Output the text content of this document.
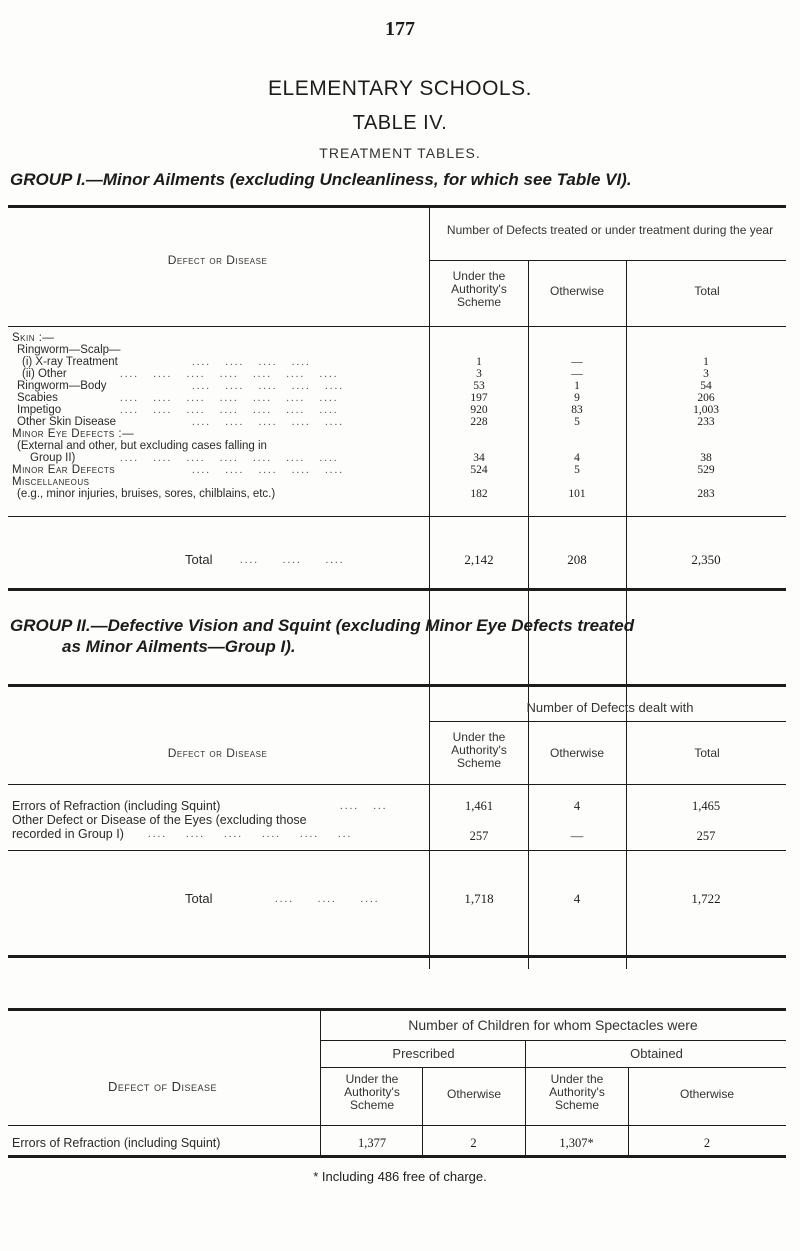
177
ELEMENTARY SCHOOLS.
TABLE IV.
TREATMENT TABLES.
GROUP I.—Minor Ailments (excluding Uncleanliness, for which see Table VI).
Defect or Disease
Number of Defects treated or under treatment during the year
Under the Authority's Scheme
Otherwise	Total
Skin :—
Ringworm—Scalp—
(i) X-ray Treatment	....   ....   ....   ....	1	—	1
(ii) Other	....   ....   ....   ....   ....   ....   ....	3	—	3
Ringworm—Body	....   ....   ....   ....   ....	53	1	54
Scabies	....   ....   ....   ....   ....   ....   ....	197	9	206
Impetigo	....   ....   ....   ....   ....   ....   ....	920	83	1,003
Other Skin Disease	....   ....   ....   ....   ....	228	5	233
Minor Eye Defects :—
(External and other, but excluding cases falling in
Group II)	....   ....   ....   ....   ....   ....   ....	34	4	38
Minor Ear Defects	....   ....   ....   ....   ....	524	5	529
Miscellaneous
(e.g., minor injuries, bruises, sores, chilblains, etc.)	182	101	283
Total	....     ....     ....	2,142	208	2,350
GROUP II.—Defective Vision and Squint (excluding Minor Eye Defects treated
as Minor Ailments—Group I).
Defect or Disease
Number of Defects dealt with
Under the Authority's Scheme
Otherwise	Total
Errors of Refraction (including Squint)	....   ...	1,461	4	1,465
Other Defect or Disease of the Eyes (excluding those
recorded in Group I) ....    ....    ....    ....    ....    ...	257	—	257
Total	....     ....     ....	1,718	4	1,722
Defect of Disease
Number of Children for whom Spectacles were
Prescribed	Obtained
Under the Authority's Scheme
Otherwise
Under the Authority's Scheme
Otherwise
Errors of Refraction (including Squint)	1,377	2	1,307*	2
* Including 486 free of charge.
